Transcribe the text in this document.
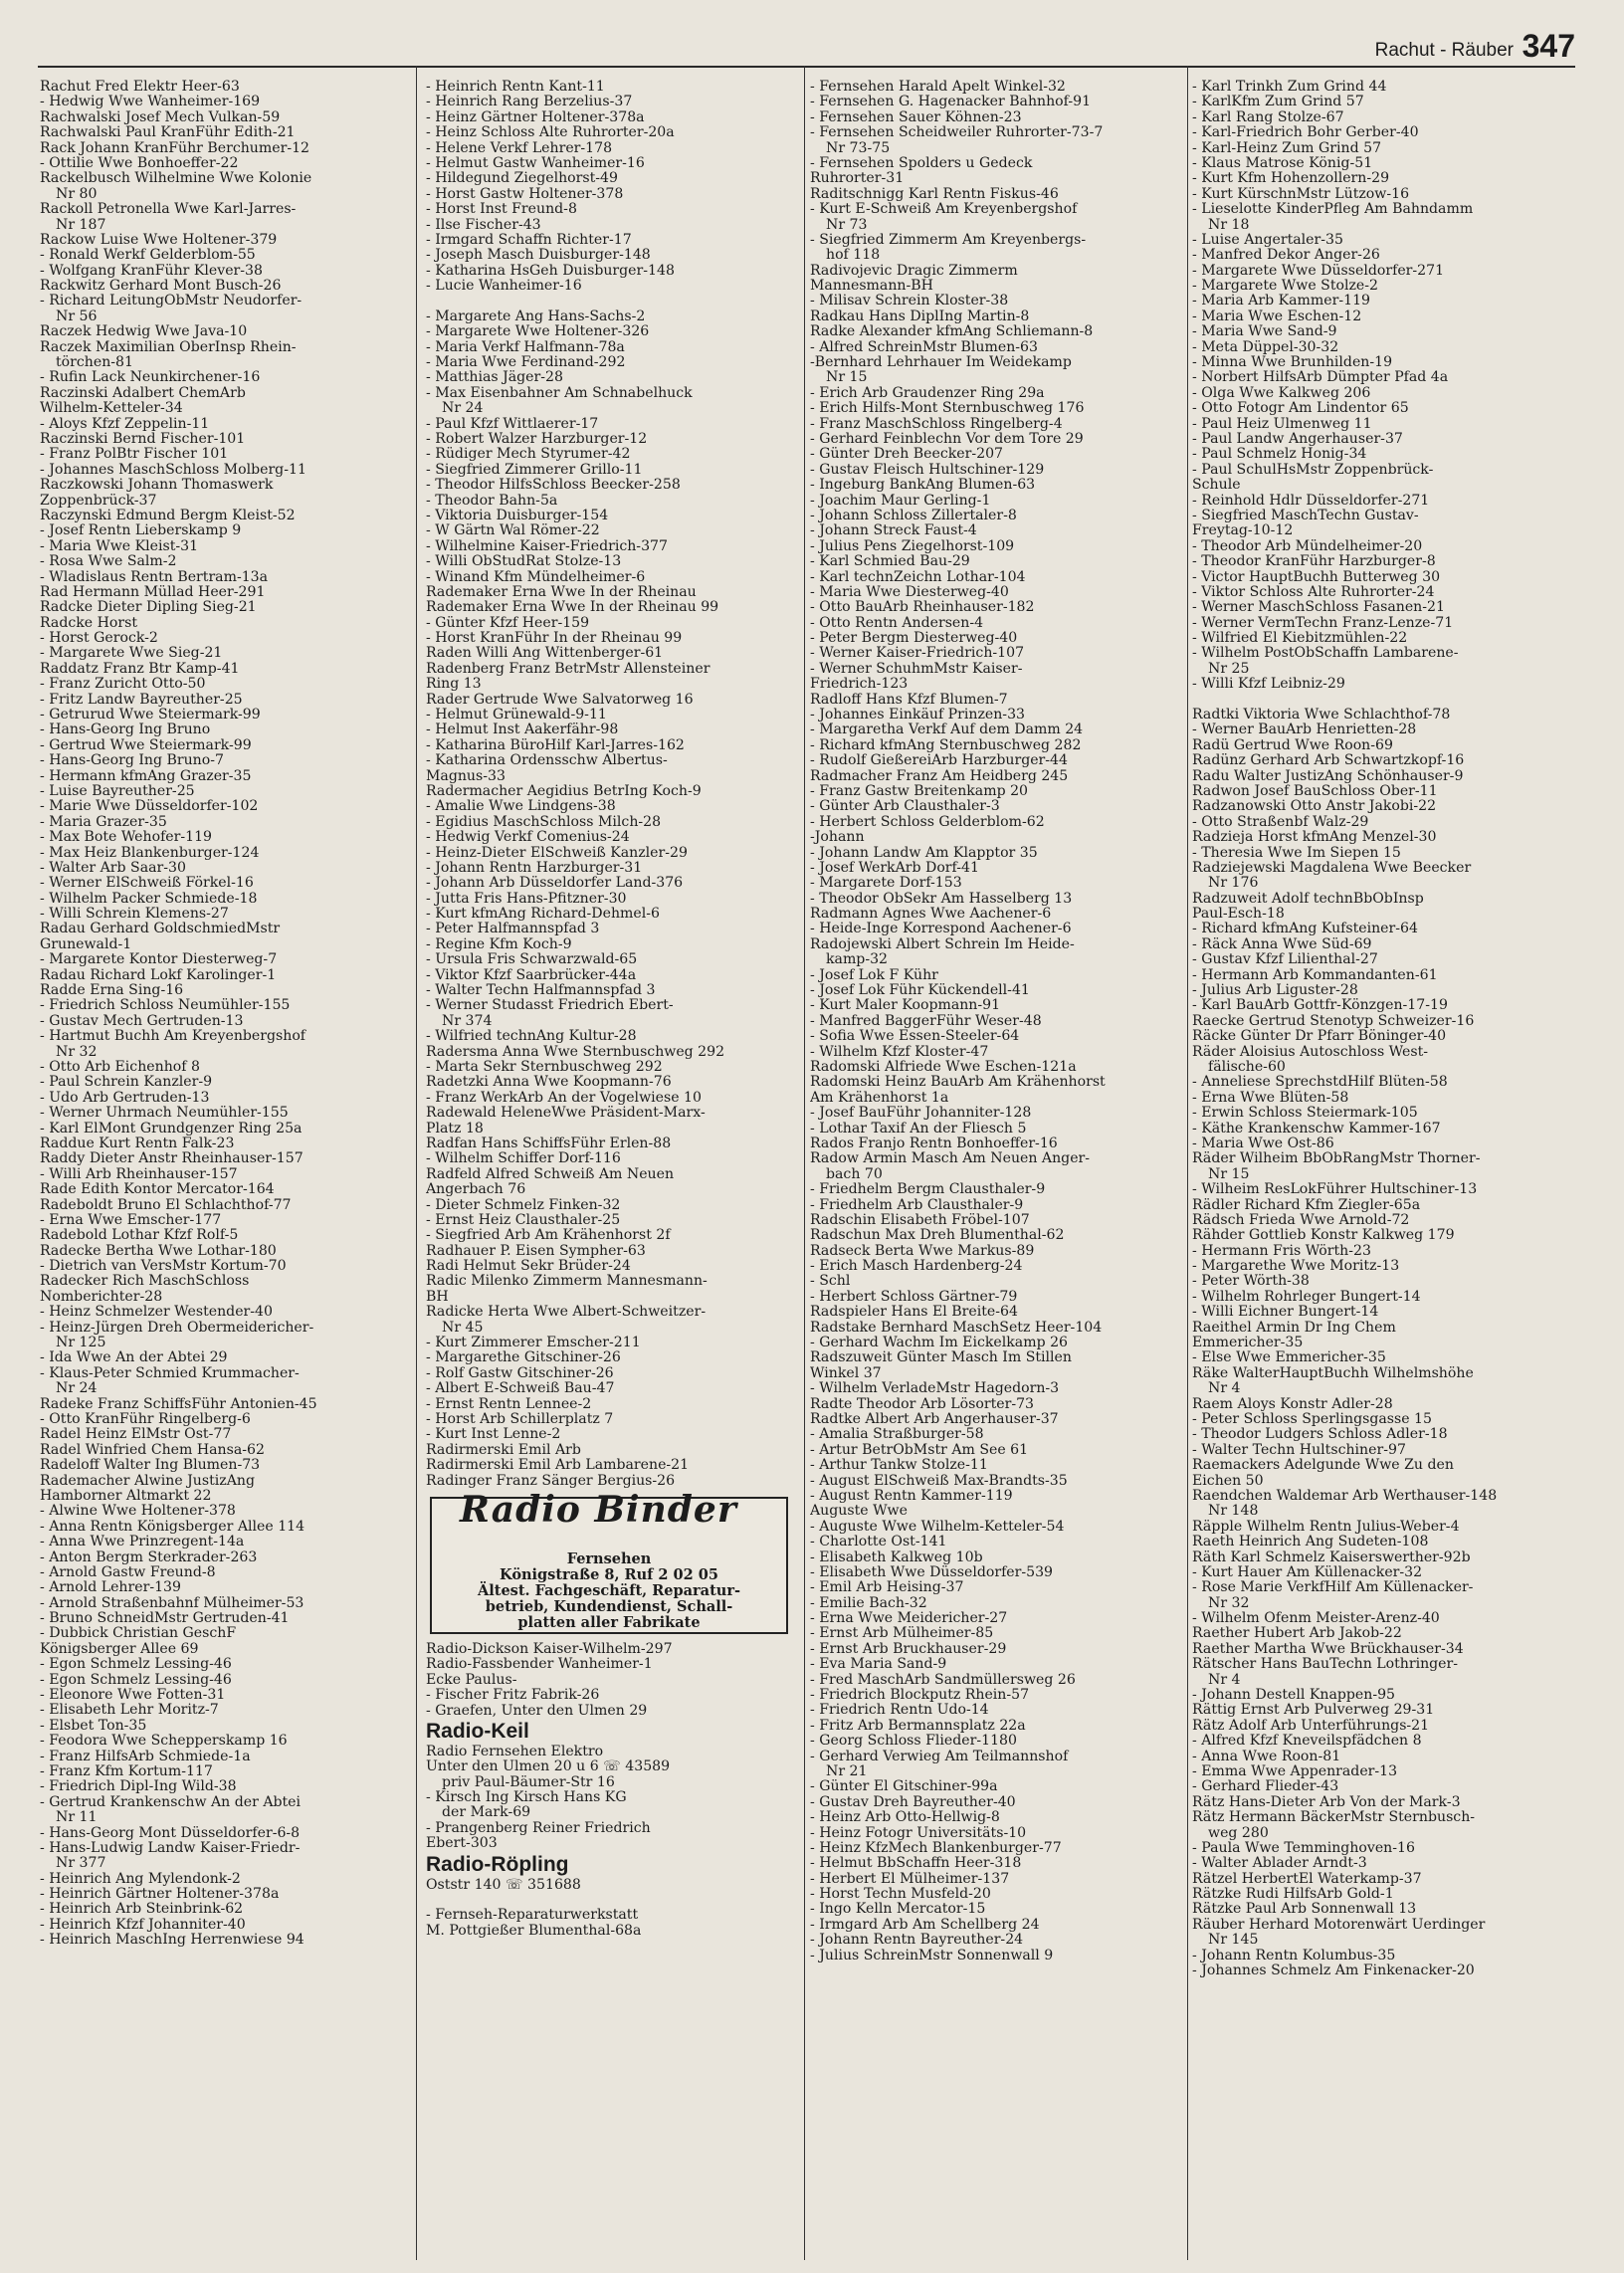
Rachut - Räuber 347
Rachut Fred Elektr Heer-63
- Hedwig Wwe Wanheimer-169
Rachwalski Josef Mech Vulkan-59
Rachwalski Paul KranFühr Edith-21
Rack Johann KranFühr Berchumer-12
- Ottilie Wwe Bonhoeffer-22
Rackelbusch Wilhelmine Wwe Kolonie
Nr 80
Rackoll Petronella Wwe Karl-Jarres-
Nr 187
Rackow Luise Wwe Holtener-379
- Ronald Werkf Gelderblom-55
- Wolfgang KranFühr Klever-38
Rackwitz Gerhard Mont Busch-26
- Richard LeitungObMstr Neudorfer-
Nr 56
Raczek Hedwig Wwe Java-10
Raczek Maximilian OberInsp Rhein-
törchen-81
- Rufin Lack Neunkirchener-16
Raczinski Adalbert ChemArb
Wilhelm-Ketteler-34
- Aloys Kfzf Zeppelin-11
Raczinski Bernd Fischer-101
- Franz PolBtr Fischer 101
- Johannes MaschSchloss Molberg-11
Raczkowski Johann Thomaswerk
Zoppenbrück-37
Raczynski Edmund Bergm Kleist-52
- Josef Rentn Lieberskamp 9
- Maria Wwe Kleist-31
- Rosa Wwe Salm-2
- Wladislaus Rentn Bertram-13a
Rad Hermann Müllad Heer-291
Radcke Dieter Dipling Sieg-21
Radcke Horst
- Horst Gerock-2
- Margarete Wwe Sieg-21
Raddatz Franz Btr Kamp-41
- Franz Zuricht Otto-50
- Fritz Landw Bayreuther-25
- Getrurud Wwe Steiermark-99
- Hans-Georg Ing Bruno
- Gertrud Wwe Steiermark-99
- Hans-Georg Ing Bruno-7
- Hermann kfmAng Grazer-35
- Luise Bayreuther-25
- Marie Wwe Düsseldorfer-102
- Maria Grazer-35
- Max Bote Wehofer-119
- Max Heiz Blankenburger-124
- Walter Arb Saar-30
- Werner ElSchweiß Förkel-16
- Wilhelm Packer Schmiede-18
- Willi Schrein Klemens-27
Radau Gerhard GoldschmiedMstr
Grunewald-1
- Margarete Kontor Diesterweg-7
Radau Richard Lokf Karolinger-1
Radde Erna Sing-16
- Friedrich Schloss Neumühler-155
- Gustav Mech Gertruden-13
- Hartmut Buchh Am Kreyenbergshof
Nr 32
- Otto Arb Eichenhof 8
- Paul Schrein Kanzler-9
- Udo Arb Gertruden-13
- Werner Uhrmach Neumühler-155
- Karl ElMont Grundgenzer Ring 25a
Raddue Kurt Rentn Falk-23
Raddy Dieter Anstr Rheinhauser-157
- Willi Arb Rheinhauser-157
Rade Edith Kontor Mercator-164
Radeboldt Bruno El Schlachthof-77
- Erna Wwe Emscher-177
Radebold Lothar Kfzf Rolf-5
Radecke Bertha Wwe Lothar-180
- Dietrich van VersMstr Kortum-70
Radecker Rich MaschSchloss
Nomberichter-28
- Heinz Schmelzer Westender-40
- Heinz-Jürgen Dreh Obermeidericher-
Nr 125
- Ida Wwe An der Abtei 29
- Klaus-Peter Schmied Krummacher-
Nr 24
Radeke Franz SchiffsFühr Antonien-45
- Otto KranFühr Ringelberg-6
Radel Heinz ElMstr Ost-77
Radel Winfried Chem Hansa-62
Radeloff Walter Ing Blumen-73
Rademacher Alwine JustizAng
Hamborner Altmarkt 22
- Alwine Wwe Holtener-378
- Anna Rentn Königsberger Allee 114
- Anna Wwe Prinzregent-14a
- Anton Bergm Sterkrader-263
- Arnold Gastw Freund-8
- Arnold Lehrer-139
- Arnold Straßenbahnf Mülheimer-53
- Bruno SchneidMstr Gertruden-41
- Dubbick Christian GeschF
Königsberger Allee 69
- Egon Schmelz Lessing-46
- Egon Schmelz Lessing-46
- Eleonore Wwe Fotten-31
- Elisabeth Lehr Moritz-7
- Elsbet Ton-35
- Feodora Wwe Schepperskamp 16
- Franz HilfsArb Schmiede-1a
- Franz Kfm Kortum-117
- Friedrich Dipl-Ing Wild-38
- Gertrud Krankenschw An der Abtei
Nr 11
- Hans-Georg Mont Düsseldorfer-6-8
- Hans-Ludwig Landw Kaiser-Friedr-
Nr 377
- Heinrich Ang Mylendonk-2
- Heinrich Gärtner Holtener-378a
- Heinrich Arb Steinbrink-62
- Heinrich Kfzf Johanniter-40
- Heinrich MaschIng Herrenwiese 94
- Heinrich Rentn Kant-11
- Heinrich Rang Berzelius-37
- Heinz Gärtner Holtener-378a
- Heinz Schloss Alte Ruhrorter-20a
- Helene Verkf Lehrer-178
- Helmut Gastw Wanheimer-16
- Hildegund Ziegelhorst-49
- Horst Gastw Holtener-378
- Horst Inst Freund-8
- Ilse Fischer-43
- Irmgard Schaffn Richter-17
- Joseph Masch Duisburger-148
- Katharina HsGeh Duisburger-148
- Lucie Wanheimer-16
- Margarete Ang Hans-Sachs-2
- Margarete Wwe Holtener-326
- Maria Verkf Halfmann-78a
- Maria Wwe Ferdinand-292
- Matthias Jäger-28
- Max Eisenbahner Am Schnabelhuck
Nr 24
- Paul Kfzf Wittlaerer-17
- Robert Walzer Harzburger-12
- Rüdiger Mech Styrumer-42
- Siegfried Zimmerer Grillo-11
- Theodor HilfsSchloss Beecker-258
- Theodor Bahn-5a
- Viktoria Duisburger-154
- W Gärtn Wal Römer-22
- Wilhelmine Kaiser-Friedrich-377
- Willi ObStudRat Stolze-13
- Winand Kfm Mündelheimer-6
Rademaker Erna Wwe In der Rheinau
Rademaker Erna Wwe In der Rheinau 99
- Günter Kfzf Heer-159
- Horst KranFühr In der Rheinau 99
Raden Willi Ang Wittenberger-61
Radenberg Franz BetrMstr Allensteiner
Ring 13
Rader Gertrude Wwe Salvatorweg 16
- Helmut Grünewald-9-11
- Helmut Inst Aakerfähr-98
- Katharina BüroHilf Karl-Jarres-162
- Katharina Ordensschw Albertus-
Magnus-33
Radermacher Aegidius BetrIng Koch-9
- Amalie Wwe Lindgens-38
- Egidius MaschSchloss Milch-28
- Hedwig Verkf Comenius-24
- Heinz-Dieter ElSchweiß Kanzler-29
- Johann Rentn Harzburger-31
- Johann Arb Düsseldorfer Land-376
- Jutta Fris Hans-Pfitzner-30
- Kurt kfmAng Richard-Dehmel-6
- Peter Halfmannspfad 3
- Regine Kfm Koch-9
- Ursula Fris Schwarzwald-65
- Viktor Kfzf Saarbrücker-44a
- Walter Techn Halfmannspfad 3
- Werner Studasst Friedrich Ebert-
Nr 374
- Wilfried technAng Kultur-28
Radersma Anna Wwe Sternbuschweg 292
- Marta Sekr Sternbuschweg 292
Radetzki Anna Wwe Koopmann-76
- Franz WerkArb An der Vogelwiese 10
Radewald HeleneWwe Präsident-Marx-
Platz 18
Radfan Hans SchiffsFühr Erlen-88
- Wilhelm Schiffer Dorf-116
Radfeld Alfred Schweiß Am Neuen
Angerbach 76
- Dieter Schmelz Finken-32
- Ernst Heiz Clausthaler-25
- Siegfried Arb Am Krähenhorst 2f
Radhauer P. Eisen Sympher-63
Radi Helmut Sekr Brüder-24
Radic Milenko Zimmerm Mannesmann-
BH
Radicke Herta Wwe Albert-Schweitzer-
Nr 45
- Kurt Zimmerer Emscher-211
- Margarethe Gitschiner-26
- Rolf Gastw Gitschiner-26
- Albert E-Schweiß Bau-47
- Ernst Rentn Lennee-2
- Horst Arb Schillerplatz 7
- Kurt Inst Lenne-2
Radirmerski Emil Arb
Radirmerski Emil Arb Lambarene-21
Radinger Franz Sänger Bergius-26
Radio Binder

Fernsehen
Königstraße 8, Ruf 2 02 05
Ältest. Fachgeschäft, Reparatur-
betrieb, Kundendienst, Schall-
platten aller Fabrikate
Radio-Dickson Kaiser-Wilhelm-297
Radio-Fassbender Wanheimer-1
Ecke Paulus-
- Fischer Fritz Fabrik-26
- Graefen, Unter den Ulmen 29
Radio-Keil
Radio Fernsehen Elektro
Unter den Ulmen 20 u 6 ☏ 43589
priv Paul-Bäumer-Str 16
- Kirsch Ing Kirsch Hans KG
der Mark-69
- Prangenberg Reiner Friedrich
Ebert-303
Radio-Röpling
Oststr 140 ☏ 351688
- Fernseh-Reparaturwerkstatt
M. Pottgießer Blumenthal-68a
- Fernsehen Harald Apelt Winkel-32
- Fernsehen G. Hagenacker Bahnhof-91
- Fernsehen Sauer Köhnen-23
- Fernsehen Scheidweiler Ruhrorter-73-7
Nr 73-75
- Fernsehen Spolders u Gedeck
Ruhrorter-31
Raditschnigg Karl Rentn Fiskus-46
- Kurt E-Schweiß Am Kreyenbergshof
Nr 73
- Siegfried Zimmerm Am Kreyenbergs-
hof 118
Radivojevic Dragic Zimmerm
Mannesmann-BH
- Milisav Schrein Kloster-38
Radkau Hans DiplIng Martin-8
Radke Alexander kfmAng Schliemann-8
- Alfred SchreinMstr Blumen-63
-Bernhard Lehrhauer Im Weidekamp
Nr 15
- Erich Arb Graudenzer Ring 29a
- Erich Hilfs-Mont Sternbuschweg 176
- Franz MaschSchloss Ringelberg-4
- Gerhard Feinblechn Vor dem Tore 29
- Günter Dreh Beecker-207
- Gustav Fleisch Hultschiner-129
- Ingeburg BankAng Blumen-63
- Joachim Maur Gerling-1
- Johann Schloss Zillertaler-8
- Johann Streck Faust-4
- Julius Pens Ziegelhorst-109
- Karl Schmied Bau-29
- Karl technZeichn Lothar-104
- Maria Wwe Diesterweg-40
- Otto BauArb Rheinhauser-182
- Otto Rentn Andersen-4
- Peter Bergm Diesterweg-40
- Werner Kaiser-Friedrich-107
- Werner SchuhmMstr Kaiser-
Friedrich-123
Radloff Hans Kfzf Blumen-7
- Johannes Einkäuf Prinzen-33
- Margaretha Verkf Auf dem Damm 24
- Richard kfmAng Sternbuschweg 282
- Rudolf GießereiArb Harzburger-44
Radmacher Franz Am Heidberg 245
- Franz Gastw Breitenkamp 20
- Günter Arb Clausthaler-3
- Herbert Schloss Gelderblom-62
-Johann
- Johann Landw Am Klapptor 35
- Josef WerkArb Dorf-41
- Margarete Dorf-153
- Theodor ObSekr Am Hasselberg 13
Radmann Agnes Wwe Aachener-6
- Heide-Inge Korrespond Aachener-6
Radojewski Albert Schrein Im Heide-
kamp-32
- Josef Lok F Kühr
- Josef Lok Führ Kückendell-41
- Kurt Maler Koopmann-91
- Manfred BaggerFühr Weser-48
- Sofia Wwe Essen-Steeler-64
- Wilhelm Kfzf Kloster-47
Radomski Alfriede Wwe Eschen-121a
Radomski Heinz BauArb Am Krähenhorst
Am Krähenhorst 1a
- Josef BauFühr Johanniter-128
- Lothar Taxif An der Fliesch 5
Rados Franjo Rentn Bonhoeffer-16
Radow Armin Masch Am Neuen Anger-
bach 70
- Friedhelm Bergm Clausthaler-9
- Friedhelm Arb Clausthaler-9
Radschin Elisabeth Fröbel-107
Radschun Max Dreh Blumenthal-62
Radseck Berta Wwe Markus-89
- Erich Masch Hardenberg-24
- Schl
- Herbert Schloss Gärtner-79
Radspieler Hans El Breite-64
Radstake Bernhard MaschSetz Heer-104
- Gerhard Wachm Im Eickelkamp 26
Radszuweit Günter Masch Im Stillen
Winkel 37
- Wilhelm VerladeMstr Hagedorn-3
Radte Theodor Arb Lösorter-73
Radtke Albert Arb Angerhauser-37
- Amalia Straßburger-58
- Artur BetrObMstr Am See 61
- Arthur Tankw Stolze-11
- August ElSchweiß Max-Brandts-35
- August Rentn Kammer-119
Auguste Wwe
- Auguste Wwe Wilhelm-Ketteler-54
- Charlotte Ost-141
- Elisabeth Kalkweg 10b
- Elisabeth Wwe Düsseldorfer-539
- Emil Arb Heising-37
- Emilie Bach-32
- Erna Wwe Meidericher-27
- Ernst Arb Mülheimer-85
- Ernst Arb Bruckhauser-29
- Eva Maria Sand-9
- Fred MaschArb Sandmüllersweg 26
- Friedrich Blockputz Rhein-57
- Friedrich Rentn Udo-14
- Fritz Arb Bermannsplatz 22a
- Georg Schloss Flieder-1180
- Gerhard Verwieg Am Teilmannshof
Nr 21
- Günter El Gitschiner-99a
- Gustav Dreh Bayreuther-40
- Heinz Arb Otto-Hellwig-8
- Heinz Fotogr Universitäts-10
- Heinz KfzMech Blankenburger-77
- Helmut BbSchaffn Heer-318
- Herbert El Mülheimer-137
- Horst Techn Musfeld-20
- Ingo Kelln Mercator-15
- Irmgard Arb Am Schellberg 24
- Johann Rentn Bayreuther-24
- Julius SchreinMstr Sonnenwall 9
- Karl Trinkh Zum Grind 44
- KarlKfm Zum Grind 57
- Karl Rang Stolze-67
- Karl-Friedrich Bohr Gerber-40
- Karl-Heinz Zum Grind 57
- Klaus Matrose König-51
- Kurt Kfm Hohenzollern-29
- Kurt KürschnMstr Lützow-16
- Lieselotte KinderPfleg Am Bahndamm
Nr 18
- Luise Angertaler-35
- Manfred Dekor Anger-26
- Margarete Wwe Düsseldorfer-271
- Margarete Wwe Stolze-2
- Maria Arb Kammer-119
- Maria Wwe Eschen-12
- Maria Wwe Sand-9
- Meta Düppel-30-32
- Minna Wwe Brunhilden-19
- Norbert HilfsArb Dümpter Pfad 4a
- Olga Wwe Kalkweg 206
- Otto Fotogr Am Lindentor 65
- Paul Heiz Ulmenweg 11
- Paul Landw Angerhauser-37
- Paul Schmelz Honig-34
- Paul SchulHsMstr Zoppenbrück-
Schule
- Reinhold Hdlr Düsseldorfer-271
- Siegfried MaschTechn Gustav-
Freytag-10-12
- Theodor Arb Mündelheimer-20
- Theodor KranFühr Harzburger-8
- Victor HauptBuchh Butterweg 30
- Viktor Schloss Alte Ruhrorter-24
- Werner MaschSchloss Fasanen-21
- Werner VermTechn Franz-Lenze-71
- Wilfried El Kiebitzmühlen-22
- Wilhelm PostObSchaffn Lambarene-
Nr 25
- Willi Kfzf Leibniz-29
Radtki Viktoria Wwe Schlachthof-78
- Werner BauArb Henrietten-28
Radü Gertrud Wwe Roon-69
Radünz Gerhard Arb Schwartzkopf-16
Radu Walter JustizAng Schönhauser-9
Radwon Josef BauSchloss Ober-11
Radzanowski Otto Anstr Jakobi-22
- Otto Straßenbf Walz-29
Radzieja Horst kfmAng Menzel-30
- Theresia Wwe Im Siepen 15
Radziejewski Magdalena Wwe Beecker
Nr 176
Radzuweit Adolf technBbObInsp
Paul-Esch-18
- Richard kfmAng Kufsteiner-64
- Räck Anna Wwe Süd-69
- Gustav Kfzf Lilienthal-27
- Hermann Arb Kommandanten-61
- Julius Arb Liguster-28
- Karl BauArb Gottfr-Könzgen-17-19
Raecke Gertrud Stenotyp Schweizer-16
Räcke Günter Dr Pfarr Böninger-40
Räder Aloisius Autoschloss West-
fälische-60
- Anneliese SprechstdHilf Blüten-58
- Erna Wwe Blüten-58
- Erwin Schloss Steiermark-105
- Käthe Krankenschw Kammer-167
- Maria Wwe Ost-86
Räder Wilheim BbObRangMstr Thorner-
Nr 15
- Wilheim ResLokFührer Hultschiner-13
Rädler Richard Kfm Ziegler-65a
Rädsch Frieda Wwe Arnold-72
Rähder Gottlieb Konstr Kalkweg 179
- Hermann Fris Wörth-23
- Margarethe Wwe Moritz-13
- Peter Wörth-38
- Wilhelm Rohrleger Bungert-14
- Willi Eichner Bungert-14
Raeithel Armin Dr Ing Chem
Emmericher-35
- Else Wwe Emmericher-35
Räke WalterHauptBuchh Wilhelmshöhe
Nr 4
Raem Aloys Konstr Adler-28
- Peter Schloss Sperlingsgasse 15
- Theodor Ludgers Schloss Adler-18
- Walter Techn Hultschiner-97
Raemackers Adelgunde Wwe Zu den
Eichen 50
Raendchen Waldemar Arb Werthauser-148
Nr 148
Räpple Wilhelm Rentn Julius-Weber-4
Raeth Heinrich Ang Sudeten-108
Räth Karl Schmelz Kaiserswerther-92b
- Kurt Hauer Am Küllenacker-32
- Rose Marie VerkfHilf Am Küllenacker-
Nr 32
- Wilhelm Ofenm Meister-Arenz-40
Raether Hubert Arb Jakob-22
Raether Martha Wwe Brückhauser-34
Rätscher Hans BauTechn Lothringer-
Nr 4
- Johann Destell Knappen-95
Rättig Ernst Arb Pulverweg 29-31
Rätz Adolf Arb Unterführungs-21
- Alfred Kfzf Kneveilspfädchen 8
- Anna Wwe Roon-81
- Emma Wwe Appenrader-13
- Gerhard Flieder-43
Rätz Hans-Dieter Arb Von der Mark-3
Rätz Hermann BäckerMstr Sternbusch-
weg 280
- Paula Wwe Temminghoven-16
- Walter Ablader Arndt-3
Rätzel HerbertEl Waterkamp-37
Rätzke Rudi HilfsArb Gold-1
Rätzke Paul Arb Sonnenwall 13
Räuber Herhard Motorenwärt Uerdinger
Nr 145
- Johann Rentn Kolumbus-35
- Johannes Schmelz Am Finkenacker-20
